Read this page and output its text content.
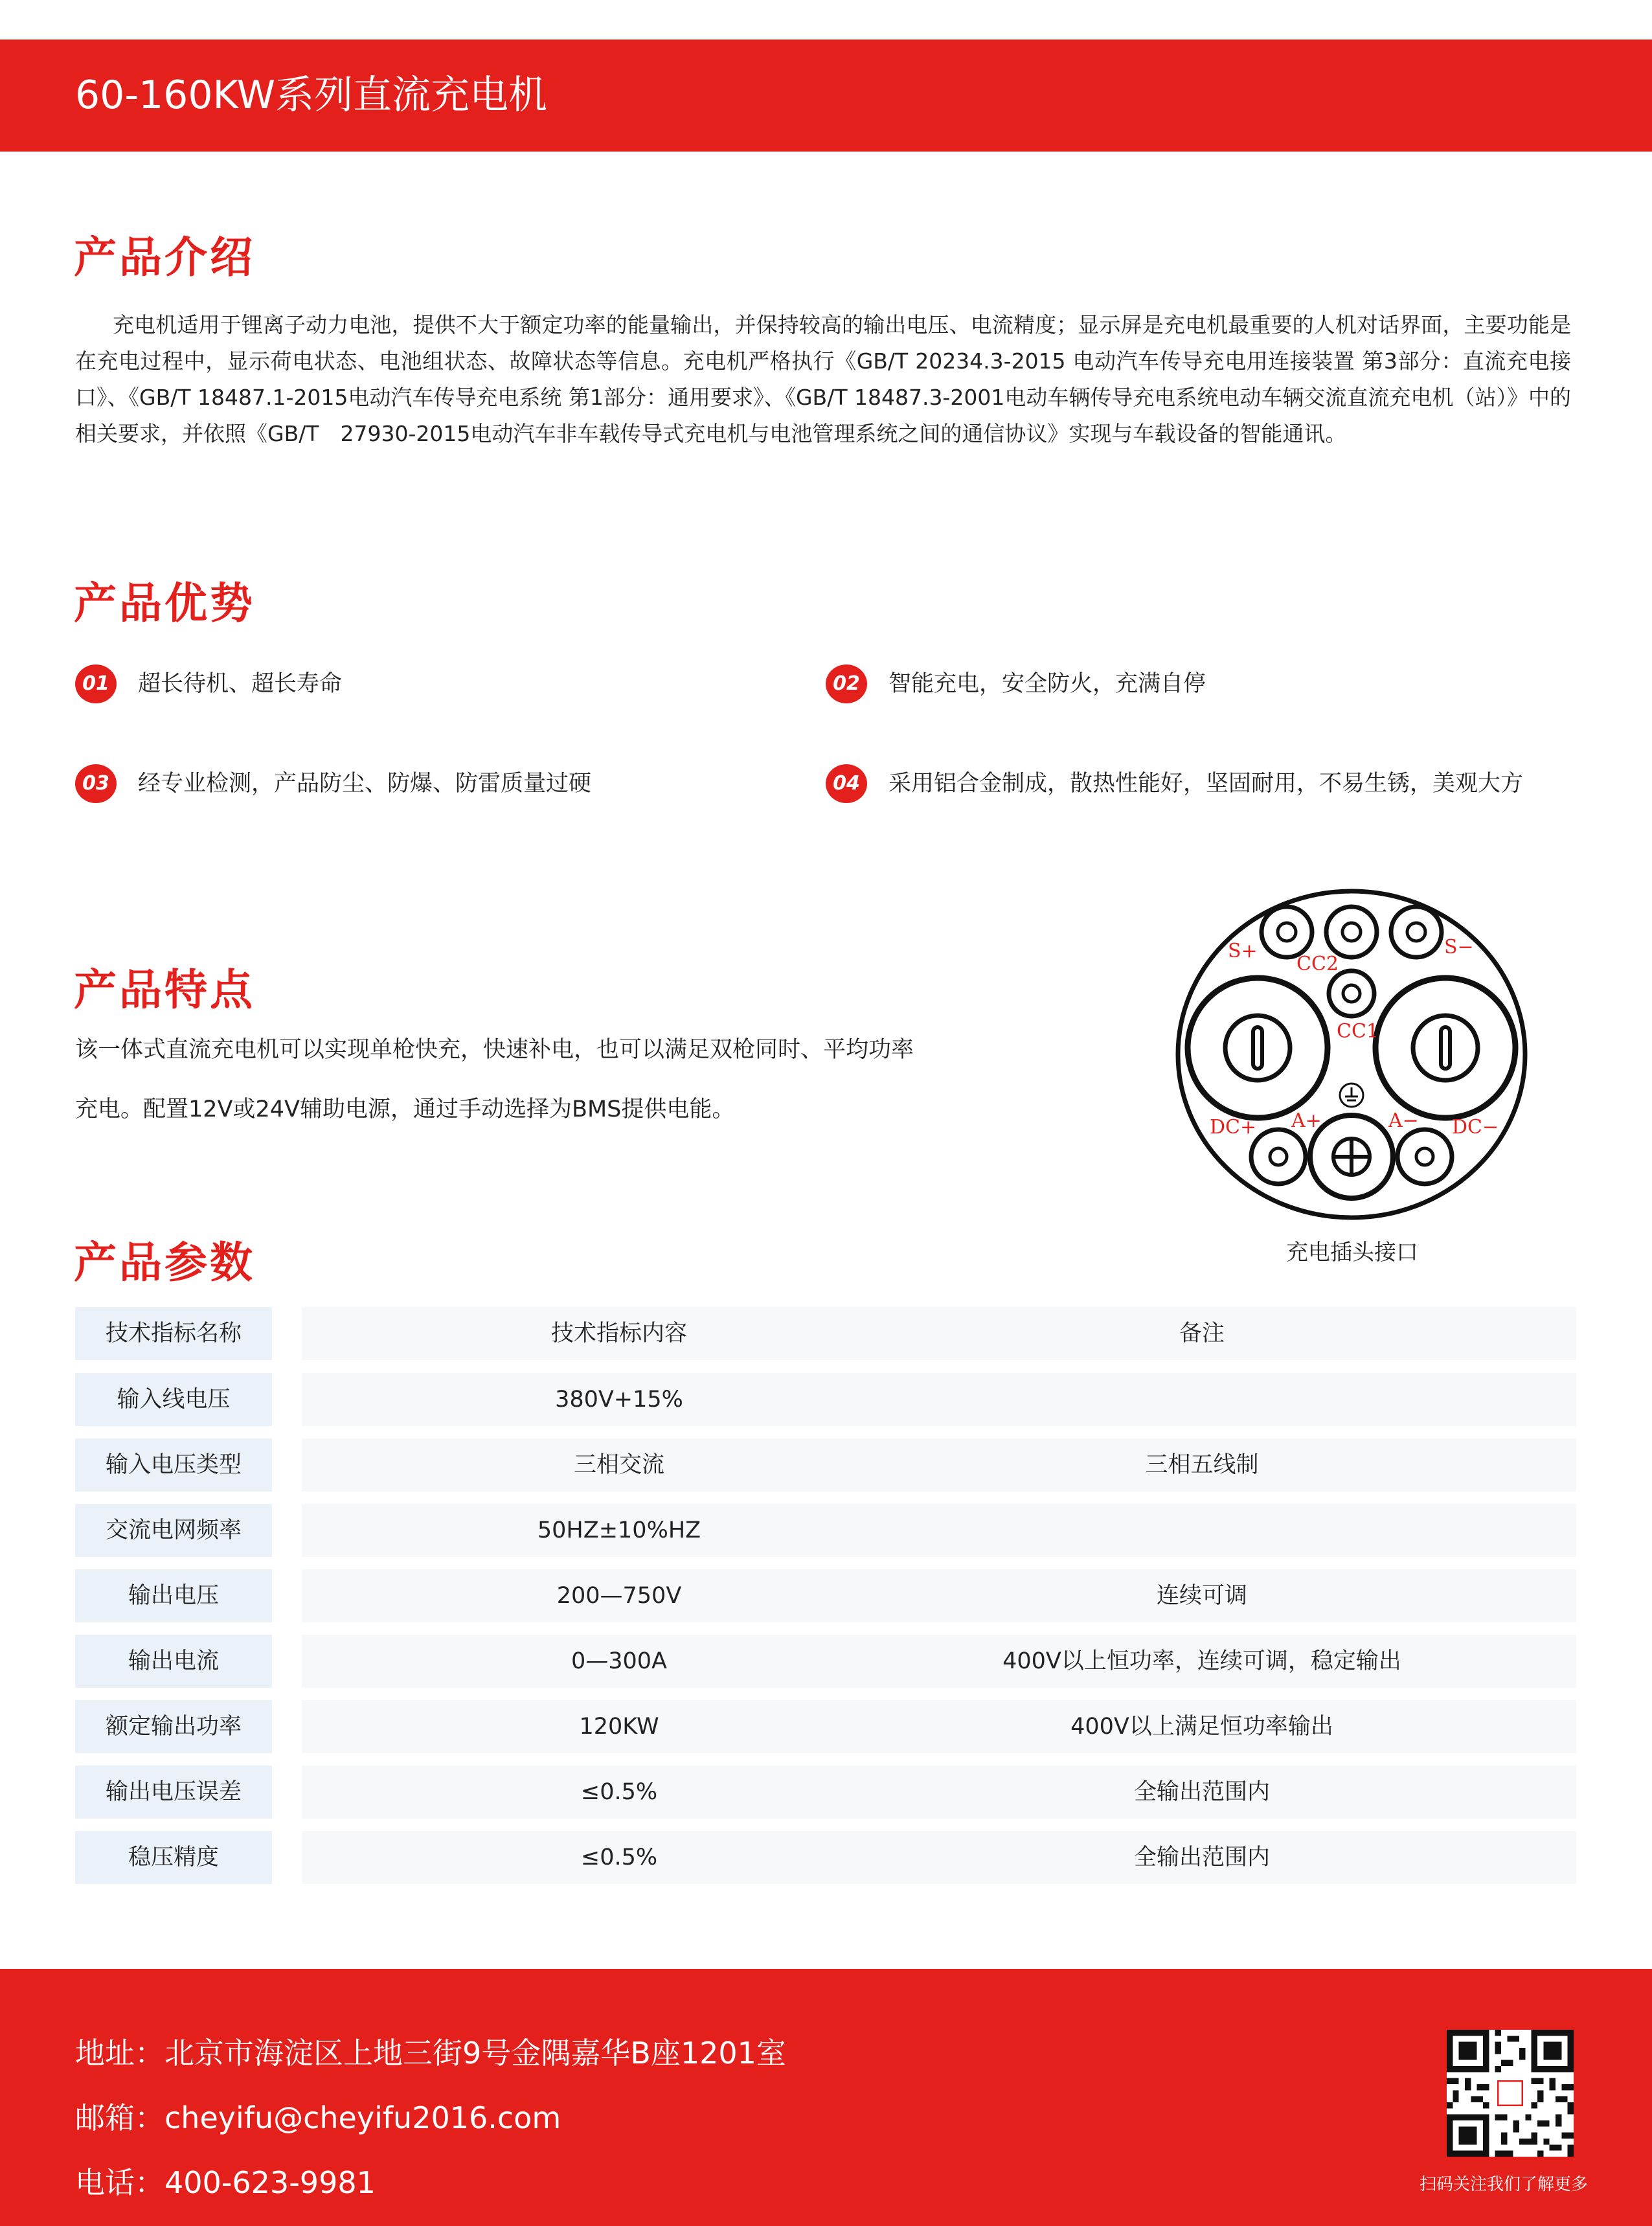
60-160KW系列直流充电机
产品介绍
充电机适用于锂离子动力电池，提供不大于额定功率的能量输出，并保持较高的输出电压、电流精度；显示屏是充电机最重要的人机对话界面，主要功能是在充电过程中，显示荷电状态、电池组状态、故障状态等信息。充电机严格执行《GB/T 20234.3-2015 电动汽车传导充电用连接装置 第3部分：直流充电接口》、《GB/T 18487.1-2015电动汽车传导充电系统 第1部分：通用要求》、《GB/T 18487.3-2001电动车辆传导充电系统电动车辆交流直流充电机（站）》中的相关要求，并依照《GB/T　27930-2015电动汽车非车载传导式充电机与电池管理系统之间的通信协议》实现与车载设备的智能通讯。
产品优势
01	超长待机、超长寿命	02	智能充电，安全防火，充满自停
03	经专业检测，产品防尘、防爆、防雷质量过硬	04	采用铝合金制成，散热性能好，坚固耐用，不易生锈，美观大方
产品特点
该一体式直流充电机可以实现单枪快充，快速补电，也可以满足双枪同时、平均功率
充电。配置12V或24V辅助电源，通过手动选择为BMS提供电能。
S+
CC2
S−
CC1
DC+ A+	A− DC−
充电插头接口
产品参数
技术指标名称	技术指标内容	备注
输入线电压	380V+15%
输入电压类型	三相交流	三相五线制
交流电网频率	50HZ±10%HZ
输出电压	200—750V	连续可调
输出电流	0—300A	400V以上恒功率，连续可调，稳定输出
额定输出功率	120KW	400V以上满足恒功率输出
输出电压误差	≤0.5%	全输出范围内
稳压精度	≤0.5%	全输出范围内
地址：北京市海淀区上地三街9号金隅嘉华B座1201室
邮箱：cheyifu@cheyifu2016.com
电话：400-623-9981	扫码关注我们了解更多
